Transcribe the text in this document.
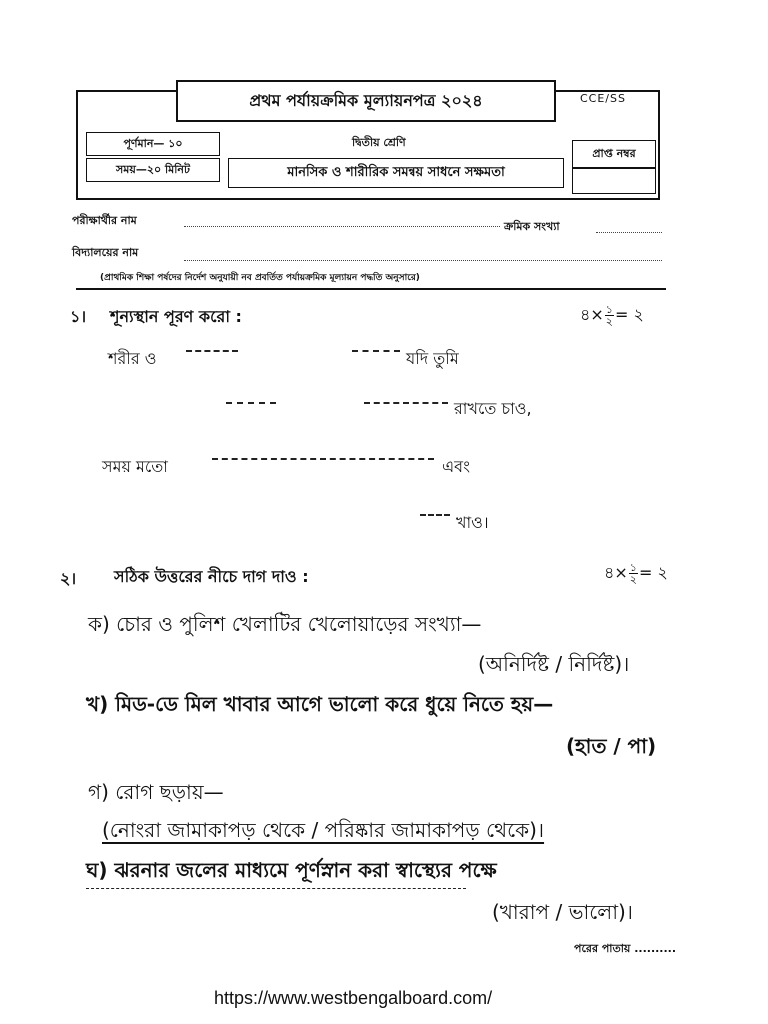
প্রথম পর্যায়ক্রমিক মূল্যায়নপত্র ২০২৪	CCE/SS
পূর্ণমান— ১০
সময়—২০ মিনিট
দ্বিতীয় শ্রেণি
মানসিক ও শারীরিক সমন্বয় সাধনে সক্ষমতা
প্রাপ্ত নম্বর
পরীক্ষার্থীর নাম	ক্রমিক সংখ্যা
বিদ্যালয়ের নাম
(প্রাথমিক শিক্ষা পর্ষদের নির্দেশ অনুযায়ী নব প্রবর্তিত পর্যায়ক্রমিক মূল্যায়ন পদ্ধতি অনুসারে)
১। শূন্যস্থান পূরণ করো :	৪× $\frac{১}{২}$ = ২
শরীর ও	যদি তুমি
রাখতে চাও,
সময় মতো	এবং
খাও।
২। সঠিক উত্তরের নীচে দাগ দাও :	৪× $\frac{১}{২}$ = ২
ক) চোর ও পুলিশ খেলাটির খেলোয়াড়ের সংখ্যা—
(অনির্দিষ্ট / নির্দিষ্ট)।
খ) মিড-ডে মিল খাবার আগে ভালো করে ধুয়ে নিতে হয়—
(হাত / পা)
গ) রোগ ছড়ায়—
(নোংরা জামাকাপড় থেকে / পরিষ্কার জামাকাপড় থেকে)।
ঘ) ঝরনার জলের মাধ্যমে পূর্ণস্নান করা স্বাস্থ্যের পক্ষে
(খারাপ / ভালো)।
পরের পাতায় ..........
https://www.westbengalboard.com/
